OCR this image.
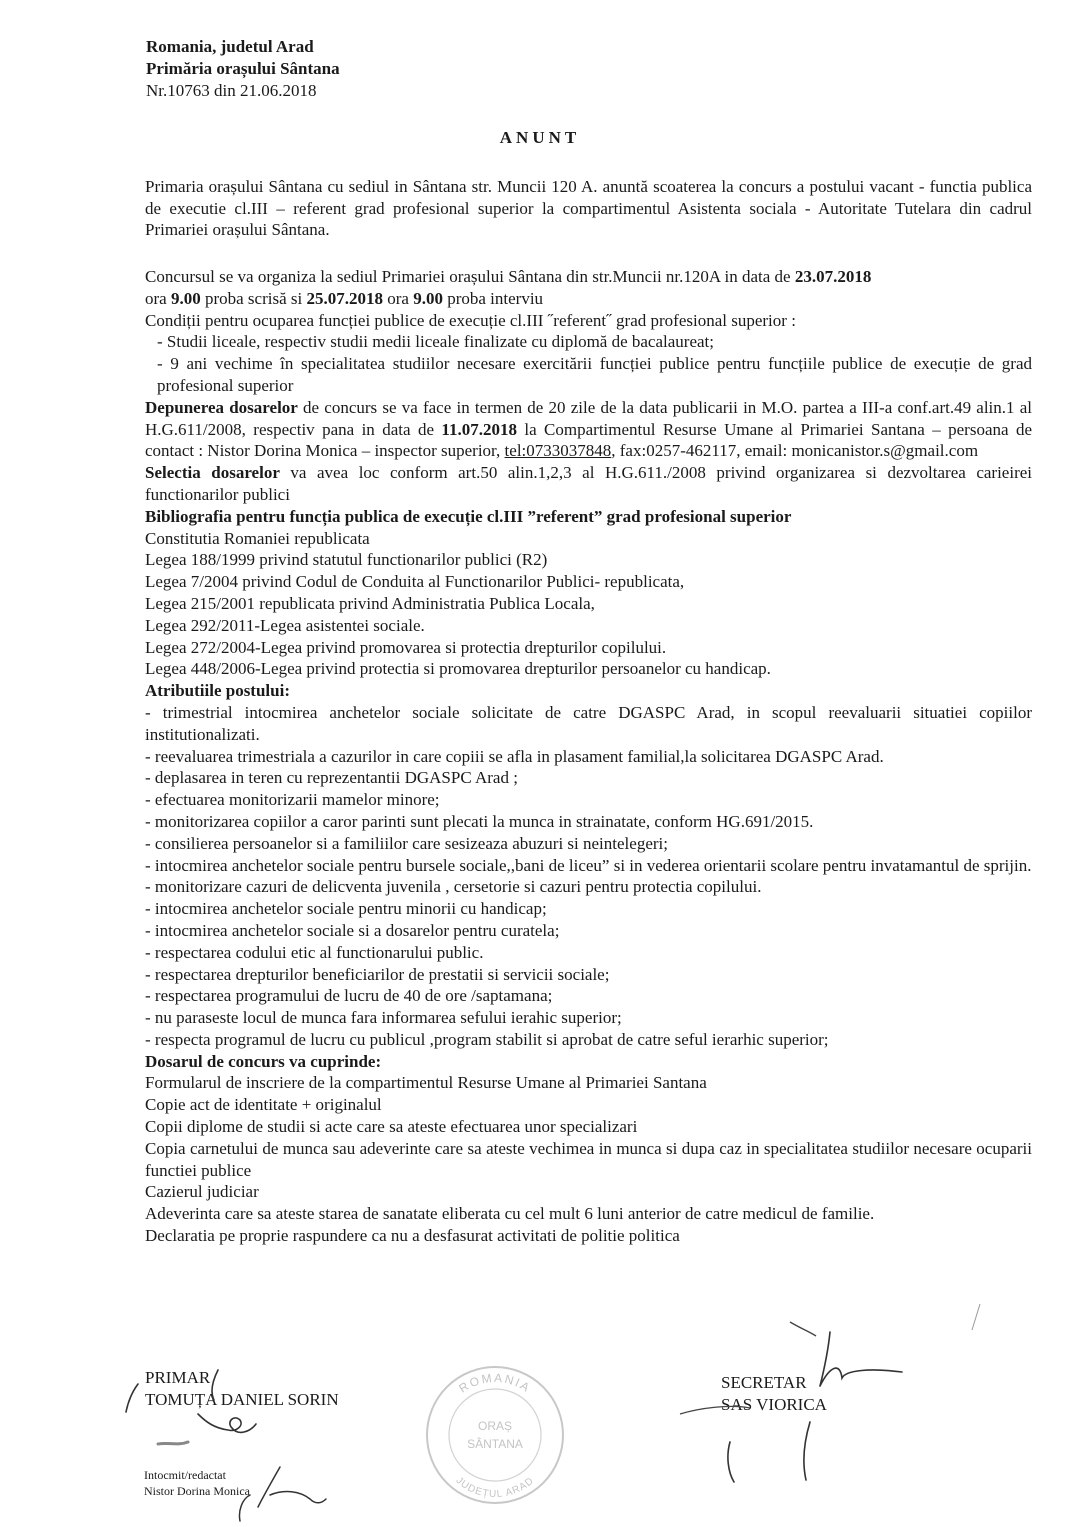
Romania, judetul Arad
Primăria orașului Sântana
Nr.10763 din 21.06.2018
ANUNT
Primaria orașului Sântana cu sediul in Sântana str. Muncii 120 A. anuntă scoaterea la concurs a postului vacant - functia publica de executie cl.III – referent grad profesional superior la compartimentul Asistenta sociala - Autoritate Tutelara din cadrul Primariei orașului Sântana.

Concursul se va organiza la sediul Primariei orașului Sântana din str.Muncii nr.120A in data de 23.07.2018
ora 9.00 proba scrisă si 25.07.2018 ora 9.00 proba interviu

Condiții pentru ocuparea funcției publice de execuție cl.III ˝referent˝ grad profesional superior :

- Studii liceale, respectiv studii medii liceale finalizate cu diplomă de bacalaureat;

- 9 ani vechime în specialitatea studiilor necesare exercitării funcției publice pentru funcțiile publice de execuție de grad profesional superior

Depunerea dosarelor de concurs se va face in termen de 20 zile de la data publicarii in M.O. partea a III-a conf.art.49 alin.1 al H.G.611/2008, respectiv pana in data de 11.07.2018 la Compartimentul Resurse Umane al Primariei Santana – persoana de contact : Nistor Dorina Monica – inspector superior, tel:0733037848, fax:0257-462117, email: monicanistor.s@gmail.com

Selectia dosarelor va avea loc conform art.50 alin.1,2,3 al H.G.611./2008 privind organizarea si dezvoltarea carieirei functionarilor publici

Bibliografia pentru funcția publica de execuție cl.III ”referent” grad profesional superior

Constitutia Romaniei republicata

Legea 188/1999 privind statutul functionarilor publici (R2)

Legea 7/2004 privind Codul de Conduita al Functionarilor Publici- republicata,

Legea 215/2001 republicata privind Administratia Publica Locala,

Legea 292/2011-Legea asistentei sociale.

Legea 272/2004-Legea privind promovarea si protectia drepturilor copilului.

Legea 448/2006-Legea privind protectia si promovarea drepturilor persoanelor cu handicap.

Atributiile postului:

- trimestrial intocmirea anchetelor sociale solicitate de catre DGASPC Arad, in scopul reevaluarii situatiei copiilor institutionalizati.

- reevaluarea trimestriala a cazurilor in care copiii se afla in plasament familial,la solicitarea DGASPC Arad.

- deplasarea in teren cu reprezentantii DGASPC Arad ;

- efectuarea monitorizarii mamelor minore;

- monitorizarea copiilor a caror parinti sunt plecati la munca in strainatate, conform HG.691/2015.

- consilierea persoanelor si a familiilor care sesizeaza abuzuri si neintelegeri;

- intocmirea anchetelor sociale pentru bursele sociale,,bani de liceu” si in vederea orientarii scolare pentru invatamantul de sprijin.

- monitorizare cazuri de delicventa juvenila , cersetorie si cazuri pentru protectia copilului.

- intocmirea anchetelor sociale pentru minorii cu handicap;

- intocmirea anchetelor sociale si a dosarelor pentru curatela;

- respectarea codului etic al functionarului public.

- respectarea drepturilor beneficiarilor de prestatii si servicii sociale;

- respectarea programului de lucru de 40 de ore /saptamana;

- nu paraseste locul de munca fara informarea sefului ierahic superior;

- respecta programul de lucru cu publicul ,program stabilit si aprobat de catre seful ierarhic superior;

Dosarul de concurs va cuprinde:

Formularul de inscriere de la compartimentul Resurse Umane al Primariei Santana

Copie act de identitate + originalul

Copii diplome de studii si acte care sa ateste efectuarea unor specializari

Copia carnetului de munca sau adeverinte care sa ateste vechimea in munca si dupa caz in specialitatea studiilor necesare ocuparii functiei publice

Cazierul judiciar

Adeverinta care sa ateste starea de sanatate eliberata cu cel mult 6 luni anterior de catre medicul de familie.

Declaratia pe proprie raspundere ca nu a desfasurat activitati de politie politica

PRIMAR
TOMUȚA DANIEL SORIN
SECRETAR
SAS VIORICA
Intocmit/redactat
Nistor Dorina Monica
ROMANIA
ORAȘ
SÂNTANA
JUDEȚUL ARAD
